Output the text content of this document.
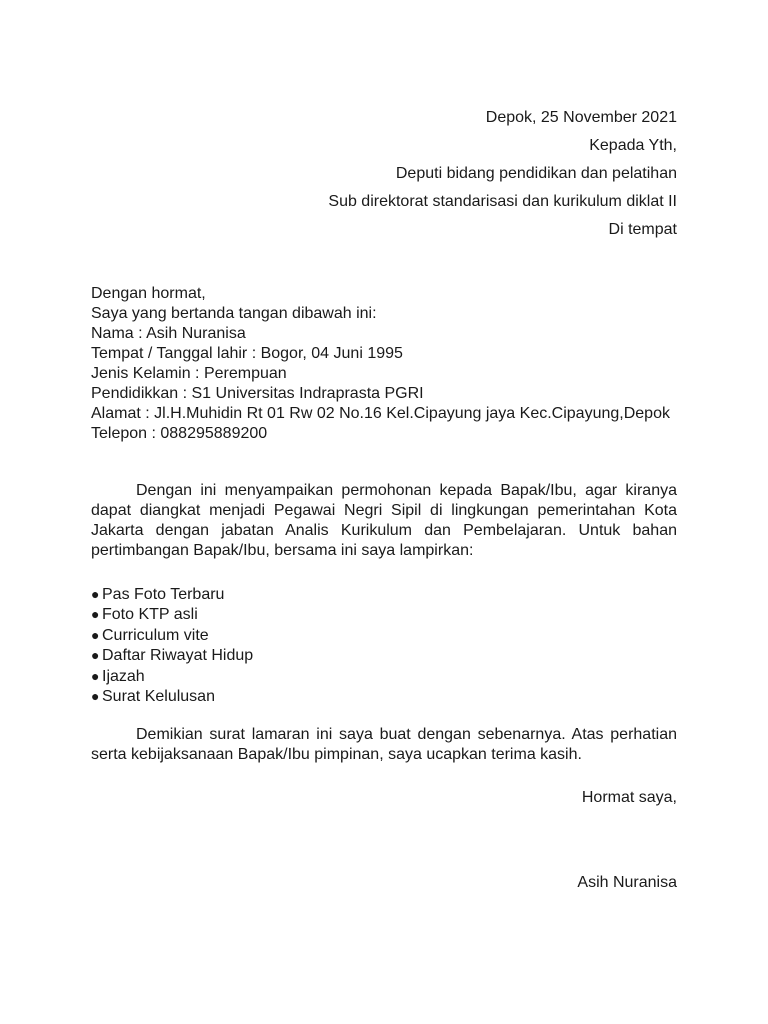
Depok, 25 November 2021
Kepada Yth,
Deputi bidang pendidikan dan pelatihan
Sub direktorat standarisasi dan kurikulum diklat II
Di tempat
Dengan hormat,
Saya yang bertanda tangan dibawah ini:
Nama : Asih Nuranisa
Tempat / Tanggal lahir : Bogor, 04 Juni 1995
Jenis Kelamin : Perempuan
Pendidikkan : S1 Universitas Indraprasta PGRI
Alamat : Jl.H.Muhidin Rt 01 Rw 02 No.16 Kel.Cipayung jaya Kec.Cipayung,Depok
Telepon : 088295889200
Dengan ini menyampaikan permohonan kepada Bapak/Ibu, agar kiranya dapat diangkat menjadi Pegawai Negri Sipil di lingkungan pemerintahan Kota Jakarta dengan jabatan Analis Kurikulum dan Pembelajaran. Untuk bahan pertimbangan Bapak/Ibu, bersama ini saya lampirkan:
● Pas Foto Terbaru
● Foto KTP asli
● Curriculum vite
● Daftar Riwayat Hidup
● Ijazah
● Surat Kelulusan
Demikian surat lamaran ini saya buat dengan sebenarnya. Atas perhatian serta kebijaksanaan Bapak/Ibu pimpinan, saya ucapkan terima kasih.
Hormat saya,
Asih Nuranisa
